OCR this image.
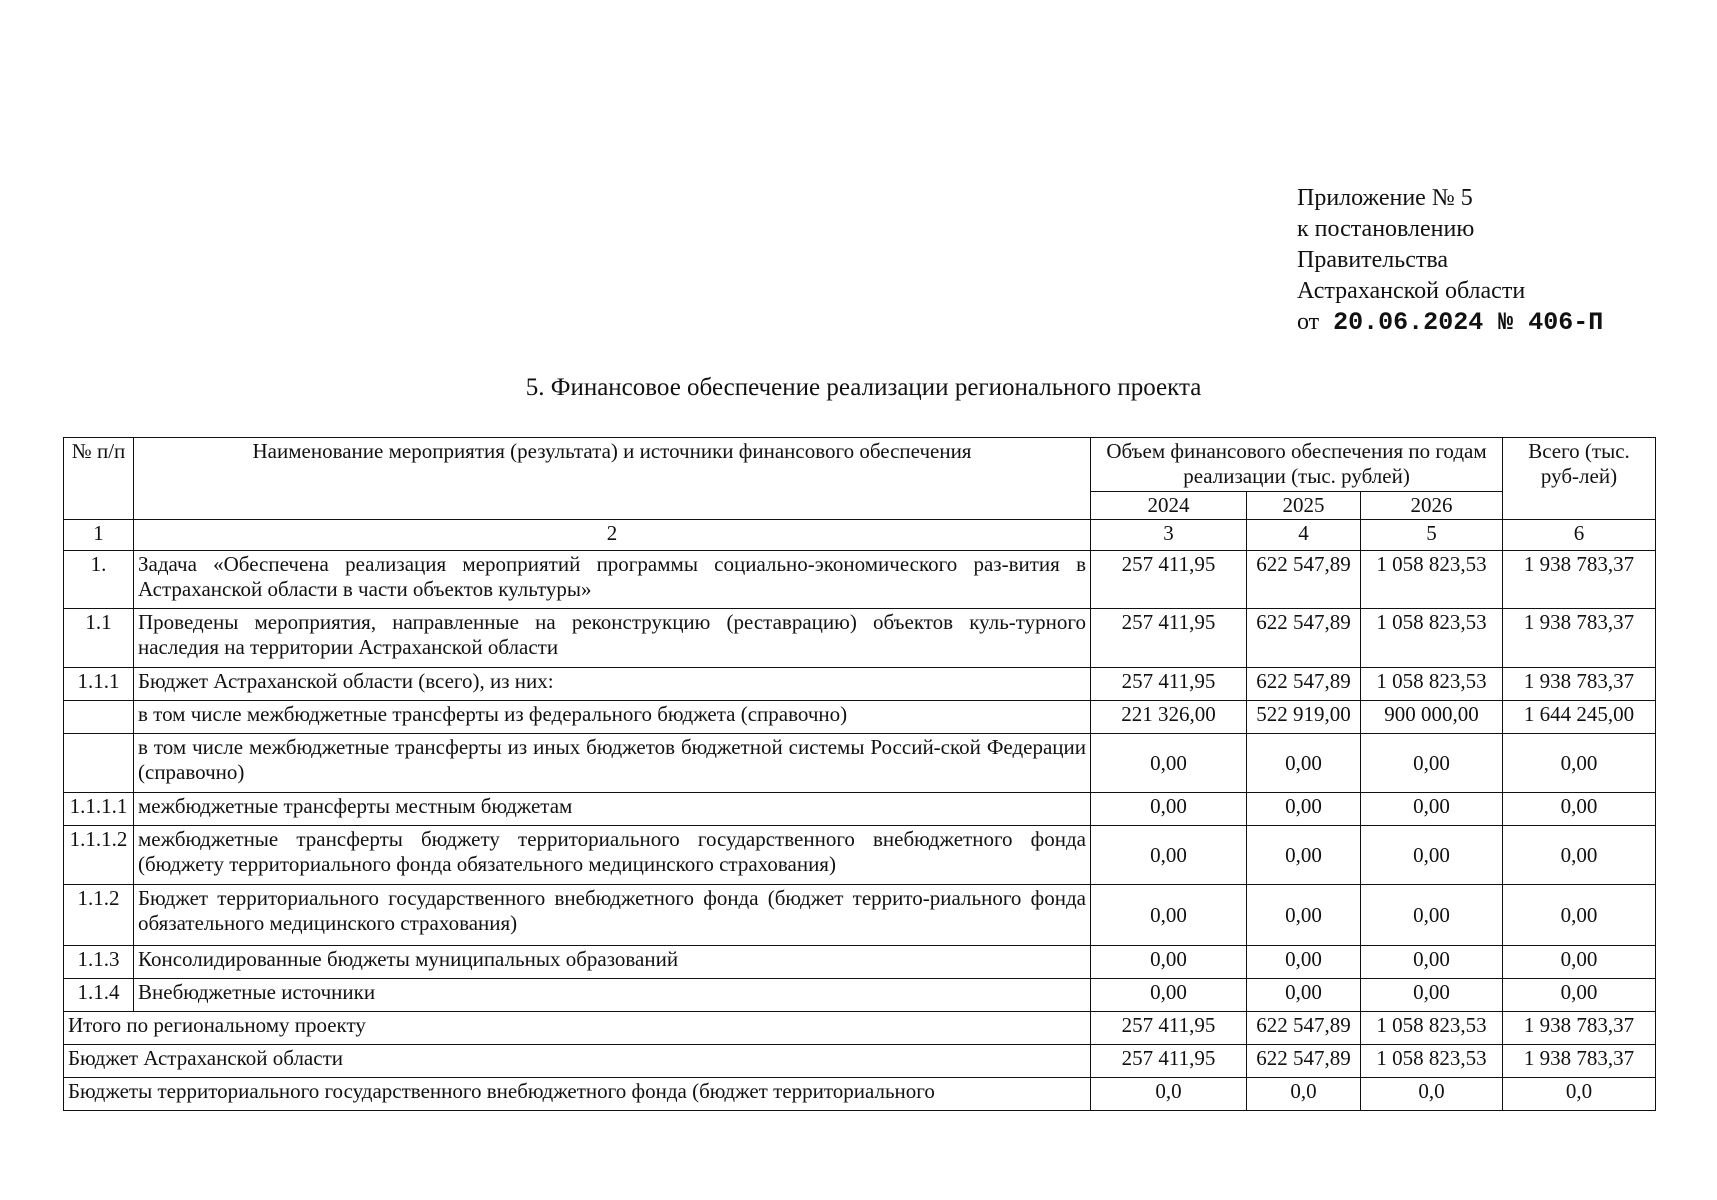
Приложение № 5
к постановлению
Правительства
Астраханской области
от 20.06.2024 № 406-П
5. Финансовое обеспечение реализации регионального проекта
№ п/п	Наименование мероприятия (результата) и источники финансового обеспечения	Объем финансового обеспечения по годам реализации (тыс. рублей)			Всего (тыс. руб-лей)
		2024	2025	2026	
1	2	3	4	5	6
1.	Задача «Обеспечена реализация мероприятий программы социально-экономического раз-вития в Астраханской области в части объектов культуры»	257 411,95	622 547,89	1 058 823,53	1 938 783,37
1.1	Проведены мероприятия, направленные на реконструкцию (реставрацию) объектов куль-турного наследия на территории Астраханской области	257 411,95	622 547,89	1 058 823,53	1 938 783,37
1.1.1	Бюджет Астраханской области (всего), из них:	257 411,95	622 547,89	1 058 823,53	1 938 783,37
	в том числе межбюджетные трансферты из федерального бюджета (справочно)	221 326,00	522 919,00	900 000,00	1 644 245,00
	в том числе межбюджетные трансферты из иных бюджетов бюджетной системы Россий-ской Федерации (справочно)	0,00	0,00	0,00	0,00
1.1.1.1	межбюджетные трансферты местным бюджетам	0,00	0,00	0,00	0,00
1.1.1.2	межбюджетные трансферты бюджету территориального государственного внебюджетного фонда (бюджету территориального фонда обязательного медицинского страхования)	0,00	0,00	0,00	0,00
1.1.2	Бюджет территориального государственного внебюджетного фонда (бюджет террито-риального фонда обязательного медицинского страхования)	0,00	0,00	0,00	0,00
1.1.3	Консолидированные бюджеты муниципальных образований	0,00	0,00	0,00	0,00
1.1.4	Внебюджетные источники	0,00	0,00	0,00	0,00
Итого по региональному проекту		257 411,95	622 547,89	1 058 823,53	1 938 783,37
Бюджет Астраханской области		257 411,95	622 547,89	1 058 823,53	1 938 783,37
Бюджеты территориального государственного внебюджетного фонда (бюджет территориального		0,0	0,0	0,0	0,0
